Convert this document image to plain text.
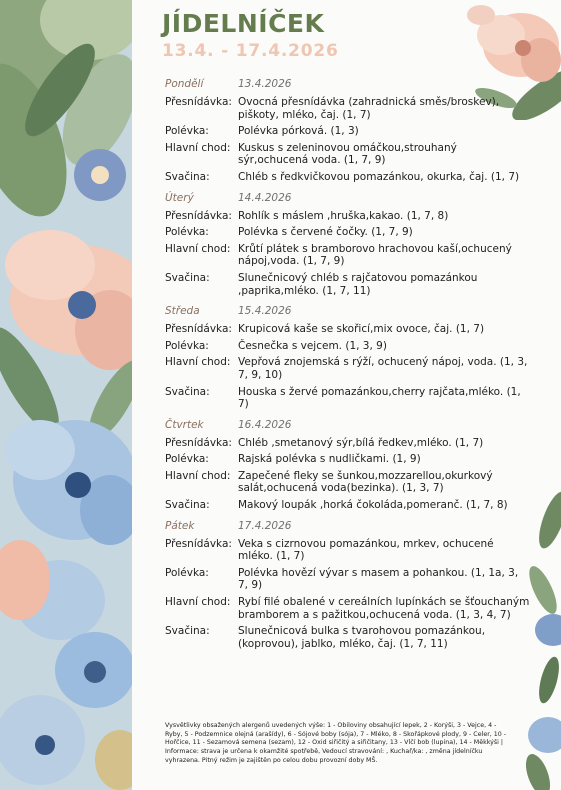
JÍDELNÍČEK
13.4. - 17.4.2026
Pondělí	13.4.2026
Přesnídávka: Ovocná přesnídávka (zahradnická směs/broskev), piškoty, mléko, čaj. (1, 7)
Polévka:	Polévka pórková. (1, 3)
Hlavní chod: Kuskus s zeleninovou omáčkou,strouhaný sýr,ochucená voda. (1, 7, 9)
Svačina:	Chléb s ředkvičkovou pomazánkou, okurka, čaj. (1, 7)
Úterý	14.4.2026
Přesnídávka: Rohlík s máslem ,hruška,kakao. (1, 7, 8)
Polévka:	Polévka s červené čočky. (1, 7, 9)
Hlavní chod: Krůtí plátek s bramborovo hrachovou kaší,ochucený nápoj,voda. (1, 7, 9)
Svačina:	Slunečnicový chléb s rajčatovou pomazánkou ,paprika,mléko. (1, 7, 11)
Středa	15.4.2026
Přesnídávka: Krupicová kaše se skořicí,mix ovoce, čaj. (1, 7)
Polévka:	Česnečka s vejcem. (1, 3, 9)
Hlavní chod: Vepřová znojemská s rýží, ochucený nápoj, voda. (1, 3, 7, 9, 10)
Svačina:	Houska s žervé pomazánkou,cherry rajčata,mléko. (1, 7)
Čtvrtek	16.4.2026
Přesnídávka: Chléb ,smetanový sýr,bílá ředkev,mléko. (1, 7)
Polévka:	Rajská polévka s nudličkami. (1, 9)
Hlavní chod: Zapečené fleky se šunkou,mozzarellou,okurkový salát,ochucená voda(bezinka). (1, 3, 7)
Svačina:	Makový loupák ,horká čokoláda,pomeranč. (1, 7, 8)
Pátek	17.4.2026
Přesnídávka: Veka s cizrnovou pomazánkou, mrkev, ochucené mléko. (1, 7)
Polévka:	Polévka hovězí vývar s masem a pohankou. (1, 1a, 3, 7, 9)
Hlavní chod: Rybí filé obalené v cereálních lupínkách se šťouchaným bramborem a s pažitkou,ochucená voda. (1, 3, 4, 7)
Svačina:	Slunečnicová bulka s tvarohovou pomazánkou,(koprovou), jablko, mléko, čaj. (1, 7, 11)
Vysvětlivky obsažených alergenů uvedených výše: 1 - Obiloviny obsahující lepek, 2 - Korýši, 3 - Vejce, 4 - Ryby, 5 - Podzemnice olejná (arašídy), 6 - Sójové boby (sója), 7 - Mléko, 8 - Skořápkové plody, 9 - Celer, 10 - Hořčice, 11 - Sezamová semena (sezam), 12 - Oxid siřičitý a siřičitany, 13 - Vlčí bob (lupina), 14 - Měkkýši | Informace: strava je určena k okamžité spotřebě, Vedoucí stravování: , Kuchař/ka: , změna jídelníčku vyhrazena. Pitný režim je zajištěn po celou dobu provozní doby MŠ.
